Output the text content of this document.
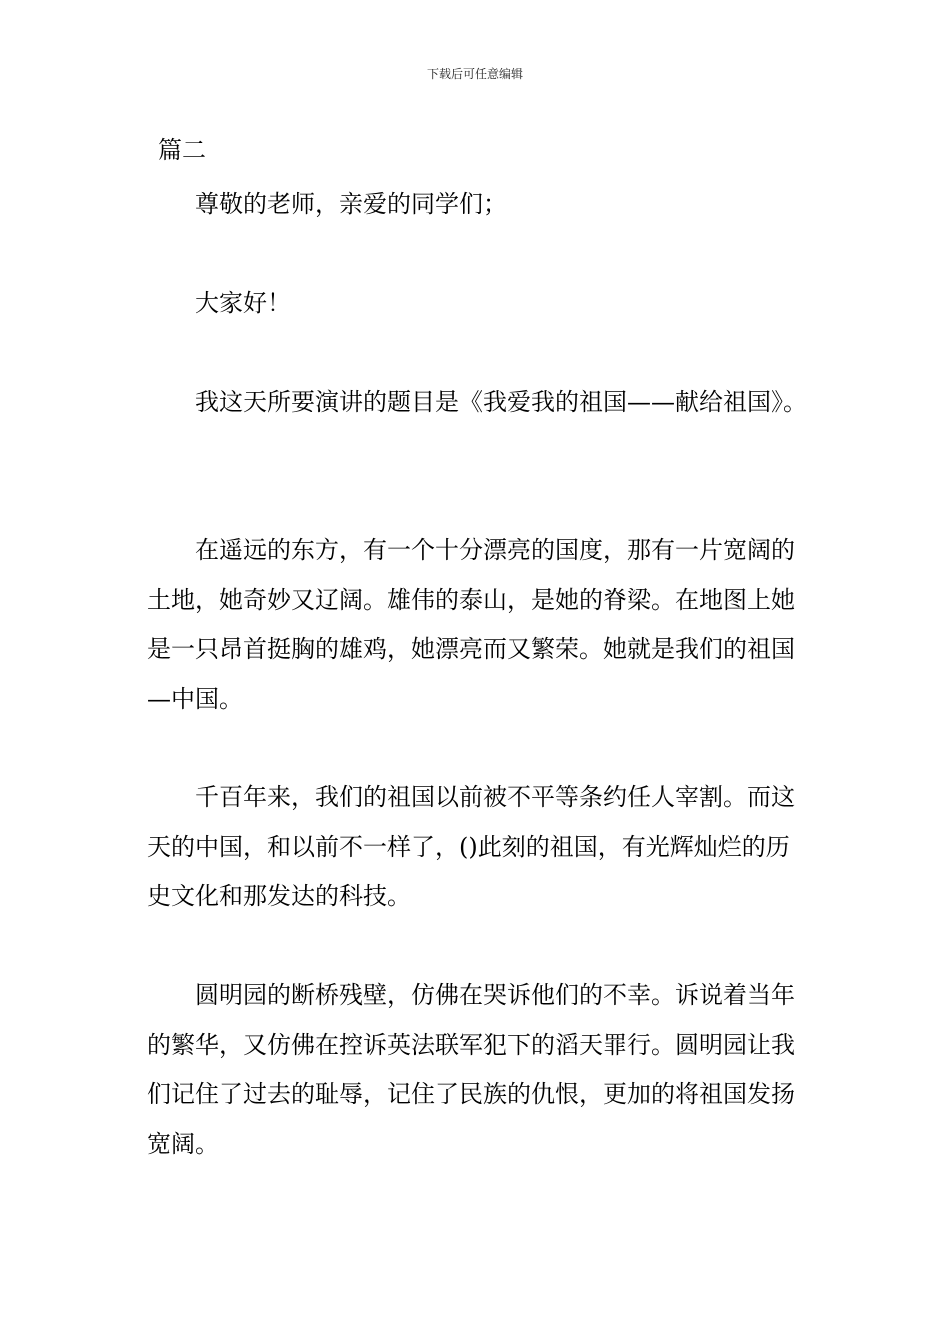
下载后可任意编辑
篇二

尊敬的老师，亲爱的同学们；

大家好！

我这天所要演讲的题目是《我爱我的祖国——献给祖国》。

在遥远的东方，有一个十分漂亮的国度，那有一片宽阔的土地，她奇妙又辽阔。雄伟的泰山，是她的脊梁。在地图上她是一只昂首挺胸的雄鸡，她漂亮而又繁荣。她就是我们的祖国—中国。

千百年来，我们的祖国以前被不平等条约任人宰割。而这天的中国，和以前不一样了，()此刻的祖国，有光辉灿烂的历史文化和那发达的科技。

圆明园的断桥残壁，仿佛在哭诉他们的不幸。诉说着当年的繁华，又仿佛在控诉英法联军犯下的滔天罪行。圆明园让我们记住了过去的耻辱，记住了民族的仇恨，更加的将祖国发扬宽阔。
